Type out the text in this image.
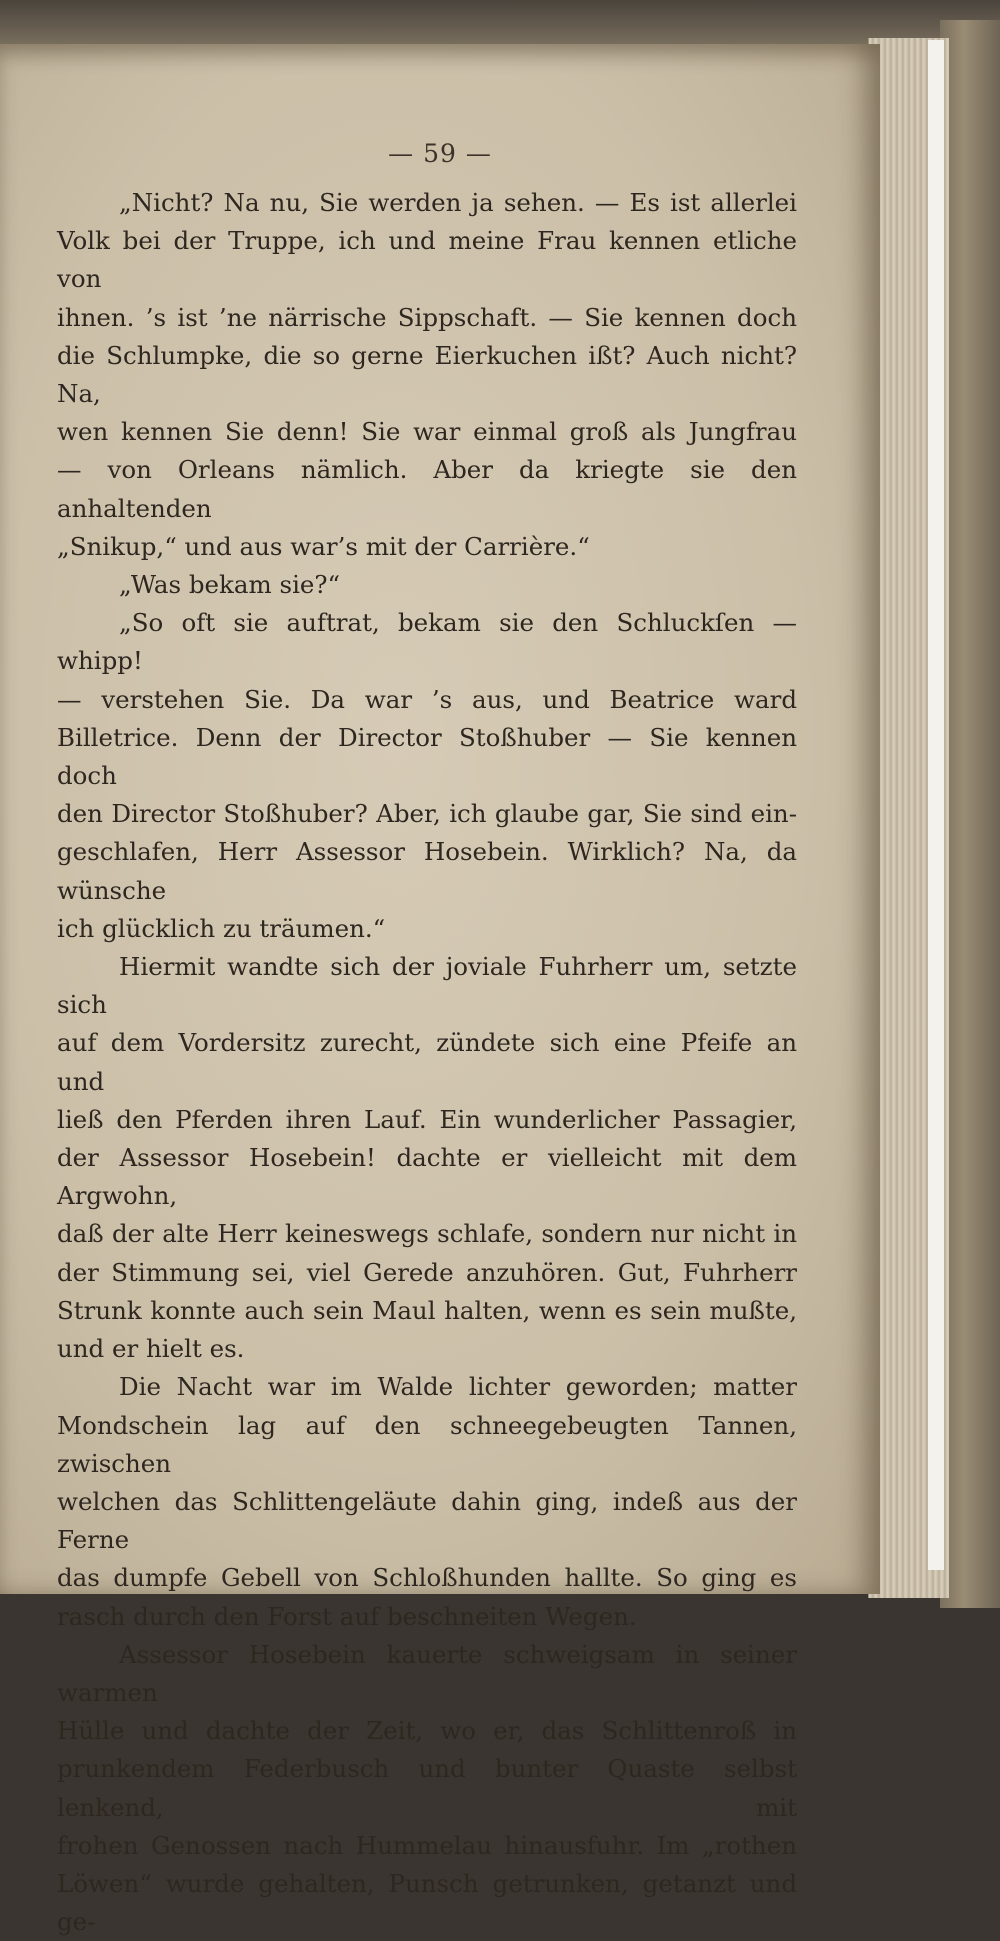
— 59 —

„Nicht? Na nu, Sie werden ja sehen. — Es ist allerlei

Volk bei der Truppe, ich und meine Frau kennen etliche von

ihnen. ’s ist ’ne närrische Sippschaft. — Sie kennen doch

die Schlumpke, die so gerne Eierkuchen ißt? Auch nicht? Na,

wen kennen Sie denn! Sie war einmal groß als Jungfrau

— von Orleans nämlich. Aber da kriegte sie den anhaltenden

„Snikup,“ und aus war’s mit der Carrière.“

„Was bekam sie?“

„So oft sie auftrat, bekam sie den Schluckſen — whipp!

— verstehen Sie. Da war ’s aus, und Beatrice ward

Billetrice. Denn der Director Stoßhuber — Sie kennen doch

den Director Stoßhuber? Aber, ich glaube gar, Sie sind ein-

geschlafen, Herr Assessor Hosebein. Wirklich? Na, da wünsche

ich glücklich zu träumen.“

Hiermit wandte sich der joviale Fuhrherr um, setzte sich

auf dem Vordersitz zurecht, zündete sich eine Pfeife an und

ließ den Pferden ihren Lauf. Ein wunderlicher Passagier,

der Assessor Hosebein! dachte er vielleicht mit dem Argwohn,

daß der alte Herr keineswegs schlafe, sondern nur nicht in

der Stimmung sei, viel Gerede anzuhören. Gut, Fuhrherr

Strunk konnte auch sein Maul halten, wenn es sein mußte,

und er hielt es.

Die Nacht war im Walde lichter geworden; matter

Mondschein lag auf den schneegebeugten Tannen, zwischen

welchen das Schlittengeläute dahin ging, indeß aus der Ferne

das dumpfe Gebell von Schloßhunden hallte. So ging es

rasch durch den Forst auf beschneiten Wegen.

Assessor Hosebein kauerte schweigsam in seiner warmen

Hülle und dachte der Zeit, wo er, das Schlittenroß in

prunkendem Federbusch und bunter Quaste selbst lenkend, mit

frohen Genossen nach Hummelau hinausfuhr. Im „rothen

Löwen“ wurde gehalten, Punsch getrunken, getanzt und ge-
